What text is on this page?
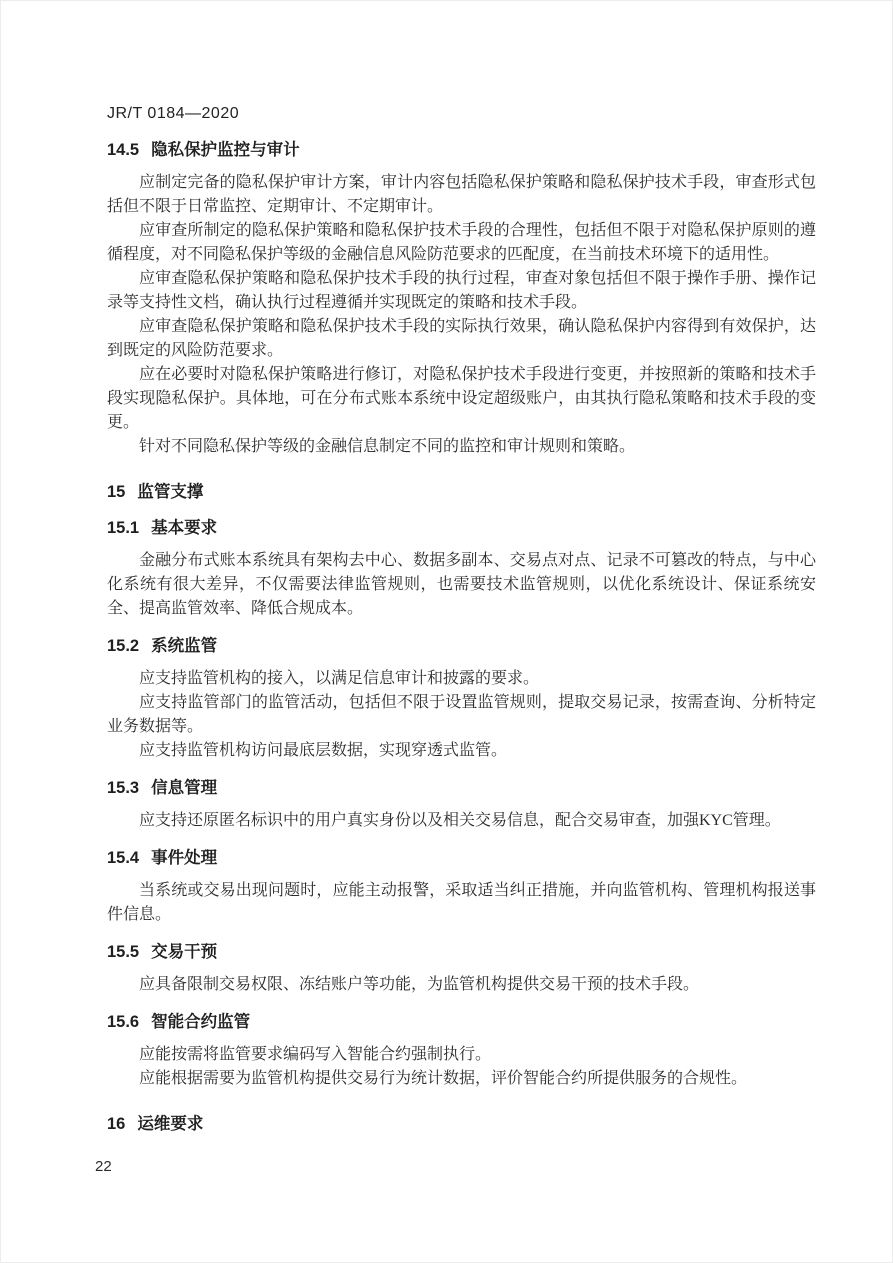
JR/T 0184—2020
14.5 隐私保护监控与审计
应制定完备的隐私保护审计方案，审计内容包括隐私保护策略和隐私保护技术手段，审查形式包括但不限于日常监控、定期审计、不定期审计。
应审查所制定的隐私保护策略和隐私保护技术手段的合理性，包括但不限于对隐私保护原则的遵循程度，对不同隐私保护等级的金融信息风险防范要求的匹配度，在当前技术环境下的适用性。
应审查隐私保护策略和隐私保护技术手段的执行过程，审查对象包括但不限于操作手册、操作记录等支持性文档，确认执行过程遵循并实现既定的策略和技术手段。
应审查隐私保护策略和隐私保护技术手段的实际执行效果，确认隐私保护内容得到有效保护，达到既定的风险防范要求。
应在必要时对隐私保护策略进行修订，对隐私保护技术手段进行变更，并按照新的策略和技术手段实现隐私保护。具体地，可在分布式账本系统中设定超级账户，由其执行隐私策略和技术手段的变更。
针对不同隐私保护等级的金融信息制定不同的监控和审计规则和策略。
15 监管支撑
15.1 基本要求
金融分布式账本系统具有架构去中心、数据多副本、交易点对点、记录不可篡改的特点，与中心化系统有很大差异，不仅需要法律监管规则，也需要技术监管规则，以优化系统设计、保证系统安全、提高监管效率、降低合规成本。
15.2 系统监管
应支持监管机构的接入，以满足信息审计和披露的要求。
应支持监管部门的监管活动，包括但不限于设置监管规则，提取交易记录，按需查询、分析特定业务数据等。
应支持监管机构访问最底层数据，实现穿透式监管。
15.3 信息管理
应支持还原匿名标识中的用户真实身份以及相关交易信息，配合交易审查，加强KYC管理。
15.4 事件处理
当系统或交易出现问题时，应能主动报警，采取适当纠正措施，并向监管机构、管理机构报送事件信息。
15.5 交易干预
应具备限制交易权限、冻结账户等功能，为监管机构提供交易干预的技术手段。
15.6 智能合约监管
应能按需将监管要求编码写入智能合约强制执行。
应能根据需要为监管机构提供交易行为统计数据，评价智能合约所提供服务的合规性。
16 运维要求
22
